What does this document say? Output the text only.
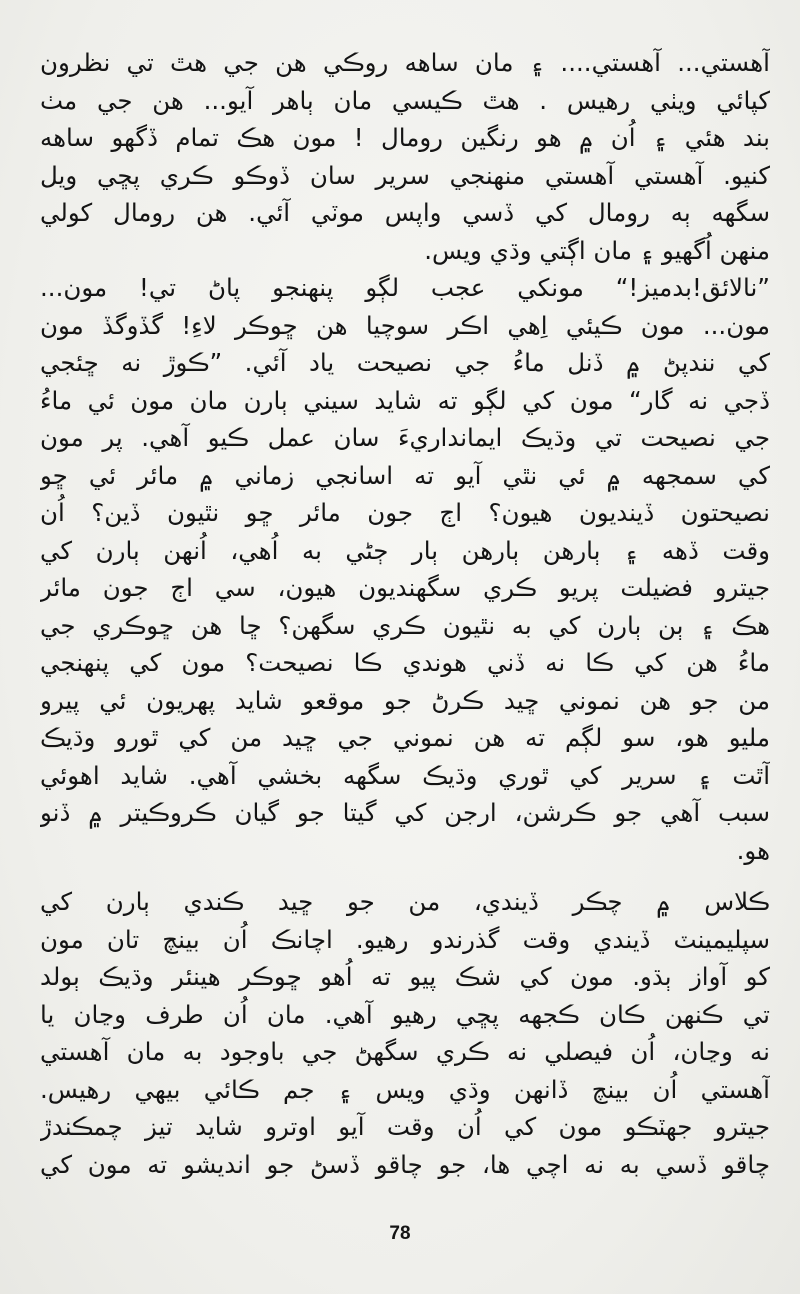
آهستي... آهستي.... ۽ مان ساهه روڪي هن جي هٿ تي نظرون
کپائي ويٺي رهيس . هٿ ڪيسي مان ٻاهر آيو... هن جي مٺ
بند هئي ۽ اُن ۾ هو رنگين رومال ! مون هڪ تمام ڏگهو ساهه
کنيو. آهستي آهستي منهنجي سرير سان ڏوڪو ڪري پڇي ويل
سگهه ٻه رومال کي ڏسي واپس موٽي آئي. هن رومال کولي
منهن اُگهيو ۽ مان اڳتي وڌي ويس.
”نالائق!بدميز!“ مونکي عجب لڳو پنهنجو پاڻ تي! مون...
مون... مون ڪيئي اِهي اڪر سوچيا هن ڇوڪر لاءِ! گڏوگڏ مون
کي نندپڻ ۾ ڏنل ماءُ جي نصيحت ياد آئي. ”ڪوڙ نه ڇئجي
ڏجي نه گار“ مون کي لڳو ته شايد سيني ٻارن مان مون ئي ماءُ
جي نصيحت تي وڌيڪ ايمانداريءَ سان عمل ڪيو آهي. پر مون
کي سمجهه ۾ ئي نٿي آيو ته اسانجي زماني ۾ مائر ئي ڇو
نصيحتون ڏينديون هيون؟ اڄ جون مائر ڇو نٿيون ڏين؟ اُن
وقت ڏهه ۽ ٻارهن ٻارهن ٻار ڄڻي به اُهي، اُنهن ٻارن کي
جيترو فضيلت پريو ڪري سگهنديون هيون، سي اڄ جون مائر
هڪ ۽ ٻن ٻارن کي به نٿيون ڪري سگهن؟ ڇا هن ڇوڪري جي
ماءُ هن کي ڪا نه ڏني هوندي ڪا نصيحت؟ مون کي پنهنجي
من جو هن نموني ڇيد ڪرڻ جو موقعو شايد پهريون ئي پيرو
مليو هو، سو لڳم ته هن نموني جي ڇيد من کي ٿورو وڌيڪ
آٿت ۽ سرير کي ٿوري وڌيڪ سگهه بخشي آهي. شايد اهوئي
سبب آهي جو ڪرشن، ارجن کي گيتا جو گيان ڪروڪيتر ۾ ڏنو
هو.
ڪلاس ۾ چڪر ڏيندي، من جو ڇيد ڪندي ٻارن کي
سپليمينٽ ڏيندي وقت گذرندو رهيو. اچانڪ اُن بينچ تان مون
کو آواز ٻڌو. مون کي شڪ پيو ته اُهو ڇوڪر هينئر وڌيڪ ٻولد
تي ڪنهن ڪان ڪجهه پڇي رهيو آهي. مان اُن طرف وڃان يا
نه وڃان، اُن فيصلي نه ڪري سگهڻ جي باوجود به مان آهستي
آهستي اُن بينچ ڏانهن وڌي ويس ۽ جم ڪائي بيهي رهيس.
جيترو جهٽڪو مون کي اُن وقت آيو اوترو شايد تيز چمڪندڙ
چاقو ڏسي به نه اچي ها، جو چاقو ڏسڻ جو انديشو ته مون کي
78
